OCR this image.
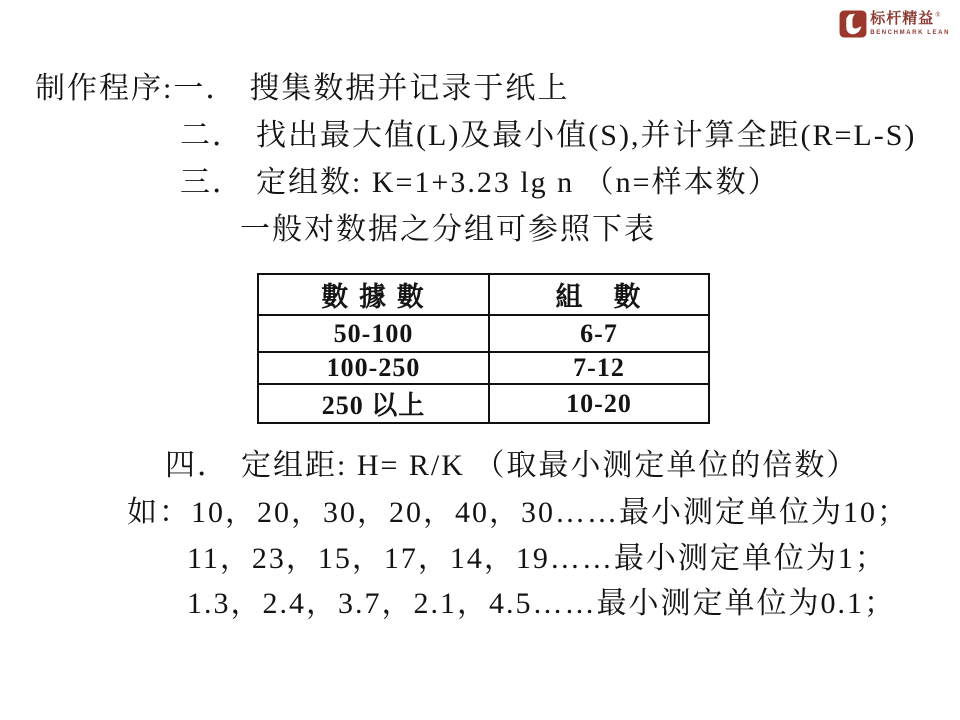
标杆精益 ®
BENCHMARK LEAN
制作程序:一． 搜集数据并记录于纸上
二． 找出最大值(L)及最小值(S),并计算全距(R=L-S)
三． 定组数: K=1+3.23 lg n （n=样本数）
一般对数据之分组可参照下表
數 據 數	組　數
50-100	6-7
100-250	7-12
250 以上	10-20
四． 定组距: H= R/K （取最小测定单位的倍数）
如：10，20，30，20，40，30……最小测定单位为10；
11，23，15，17，14，19……最小测定单位为1；
1.3，2.4，3.7，2.1，4.5……最小测定单位为0.1；
